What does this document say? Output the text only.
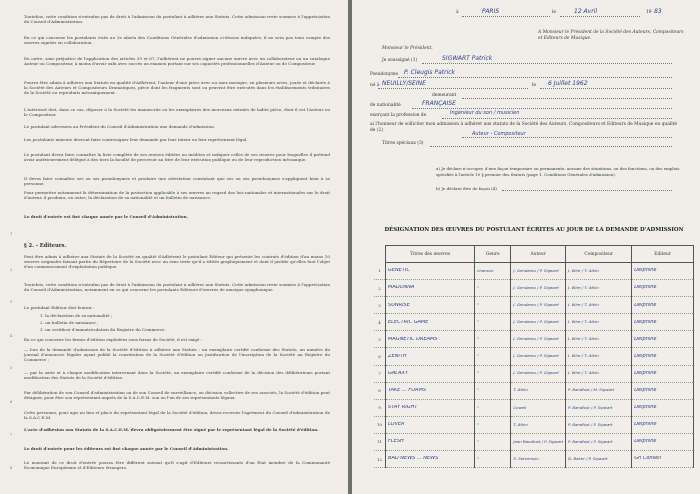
Toutefois, cette condition n'entraîne pas de droit à l'admission du postulant à adhérer aux Statuts. Cette admission reste soumise à l'appréciation du Conseil d'Administration.
En ce qui concerne les postulants visés au 3e alinéa des Conditions Générales d'admission ci-dessus indiquées, il ne sera pas tenu compte des œuvres signées en collaboration.
En outre, sans préjudice de l'application des articles 39 et 67, l'adhérent ne pourra signer aucune œuvre avec un collaborateur ou un catalogue Auteur ou Compositeur, à moins d'avoir subi avec succès un examen portant sur ses capacités professionnelles d'Auteur ou de Compositeur.
Pourra être admis à adhérer aux Statuts en qualité d'Adhérent, l'auteur d'une pièce avec ou sans musique, en plusieurs actes, jouée et déclarée à la Société des Auteurs et Compositeurs Dramatiques, pièce dont les fragments sont ou peuvent être exécutés dans les établissements tributaires de la Société ou reproduits mécaniquement.
L'intéressé doit, dans ce cas, déposer à la Société les manuscrits ou les exemplaires des morceaux extraits de ladite pièce, dont il est l'Auteur ou le Compositeur.
Le postulant adressera au Président du Conseil d'Administration une demande d'admission.
Les postulants mineurs devront faire contresigner leur demande par leur tuteur ou leur représentant légal.
Le postulant devra faire connaître la liste complète de ses œuvres éditées ou inédites et indiquer celles de ses œuvres pour lesquelles il prétend avoir antérieurement délégué à des tiers la faculté de percevoir au titre de leur exécution publique ou de leur reproduction mécanique.
Il devra faire connaître ses ou ses pseudonymes et produire une attestation constatant que ses ou ses pseudonymes s'appliquent bien à sa personne.
Pour permettre notamment la détermination de la protection applicable à ses œuvres au regard des lois nationales et internationales sur le droit d'auteur, il produira, en outre, la déclaration de sa nationalité et un bulletin de naissance.
Le droit d'entrée est fixé chaque année par le Conseil d'Administration.
§ 2. - Editeurs.
Peut être admis à adhérer aux Statuts de la Société en qualité d'Adhérent le postulant Editeur qui présente les contrats d'édition d'au moins 10 œuvres originales faisant partie du Répertoire de la Société avec un sens texte qu'il a édités graphiquement et dont il justifie qu'elles font l'objet d'un commencement d'exploitation publique.
Toutefois, cette condition n'entraîne pas de droit à l'admission du postulant à adhérer aux Statuts. Cette admission reste soumise à l'appréciation du Conseil d'Administration, notamment en ce qui concerne les postulants Editeurs d'œuvres de musique symphonique.
Le postulant Editeur doit fournir :
1. la déclaration de sa nationalité ;
2. un bulletin de naissance ;
3. un certificat d'immatriculation du Registre du Commerce.
En ce qui concerne les firmes d'édition exploitées sous forme de Société, il est exigé :
— lors de la demande d'admission de la Société d'édition à adhérer aux Statuts : un exemplaire certifié conforme des Statuts, un numéro du journal d'annonces légales ayant publié la constitution de la Société d'édition ou justification de l'inscription de la Société au Registre du Commerce ;
— par la suite et à chaque modification intervenant dans la Société, un exemplaire certifié conforme de la décision des délibérations portant modification des Statuts de la Société d'édition.
Par délibération de son Conseil d'administration ou de son Conseil de surveillance, ou décision collective de ses associés, la Société d'édition peut désigner, pour être son représentant auprès de la S.A.C.E.M. son ou l'un de ses représentants légaux.
Cette personne, pour agir au lieu et place du représentant légal de la Société d'édition, devra recevoir l'agrément du Conseil d'administration de la S.A.C.E.M.
L'acte d'adhésion aux Statuts de la S.A.C.E.M. devra obligatoirement être signé par le représentant légal de la Société d'édition.
Le droit d'entrée pour les éditeurs est fixé chaque année par le Conseil d'Administration.
Le montant de ce droit d'entrée pourra être différent suivant qu'il s'agit d'Editeurs ressortissants d'un Etat membre de la Communauté Economique Européenne et d'Editeurs étrangers.
1
2
3
4
5
6
7
8
à	PARIS	le	12 Avril	19 83
A Monsieur le Président de la Société des Auteurs, Compositeurs et Editeurs de Musique.
Monsieur le Président,
Je soussigné (1)	SIGWART Patrick
Pseudonyme P. Cleugis Patrick
né à NEUILLY/SEINE	le 6 Juillet 1962
demeurant
de nationalité	FRANÇAISE
exerçant la profession de	Ingénieur du son / musicien
ai l'honneur de solliciter mon admission à adhérer aux statuts de la Société des Auteurs, Compositeurs et Editeurs de Musique en qualité de (2)
Auteur - Compositeur
Titres spéciaux (3)
a) Je déclare n'occuper, d'une façon temporaire ou permanente, aucune des situations, ou des fonctions, ou des emplois spécifiés à l'article 10 § premier des Statuts (page 1, Conditions Générales d'admission).
b) Je déclare être de façon (4)
DÉSIGNATION DES ŒUVRES DU POSTULANT ÉCRITES AU JOUR DE LA DEMANDE D'ADMISSION
	Titres des œuvres	Genre	Auteur	Compositeur	Editeur

1	GENETIC	chanson	J. Gendamu / P. Sigwart	J. Wire / T. Atkin	Delphine

2	MADONNA	"	J. Gendamu / P. Sigwart	J. Wire / T. Atkin	Delphine

3	SUNRISE	"	J. Gendamu / P. Sigwart	J. Wire / T. Atkin	Delphine

4	ELECTRIC GAME	"	J. Gendamu / P. Sigwart	J. Wire / T. Atkin	Delphine

5	MAGNETIC DREAMS	"	J. Gendamu / P. Sigwart	J. Wire / T. Atkin	Delphine

6	ZENITH	"	J. Gendamu / P. Sigwart	J. Wire / T. Atkin	Delphine

7	GALAXY	"	J. Gendamu / P. Sigwart	J. Wire / T. Atkin	Delphine

8	TAKE ... FORMS	"	T. Atkin	P. Bandfust / M. Sigwart	Delphine

9	STAY RIGHT	"	Cowell	P. Bandfust / P. Sigwart	Delphine

10	LOVER	"	T. Atkin	P. Bandfust / P. Sigwart	Delphine

11	FLESH	"	Jean Baudfust / P. Sigwart	P. Bandfust / P. Sigwart	Delphine

12	BAD NEWS ... NEWS	"	S. Stevenson	D. Baker / P. Sigwart	Gn Conseil
